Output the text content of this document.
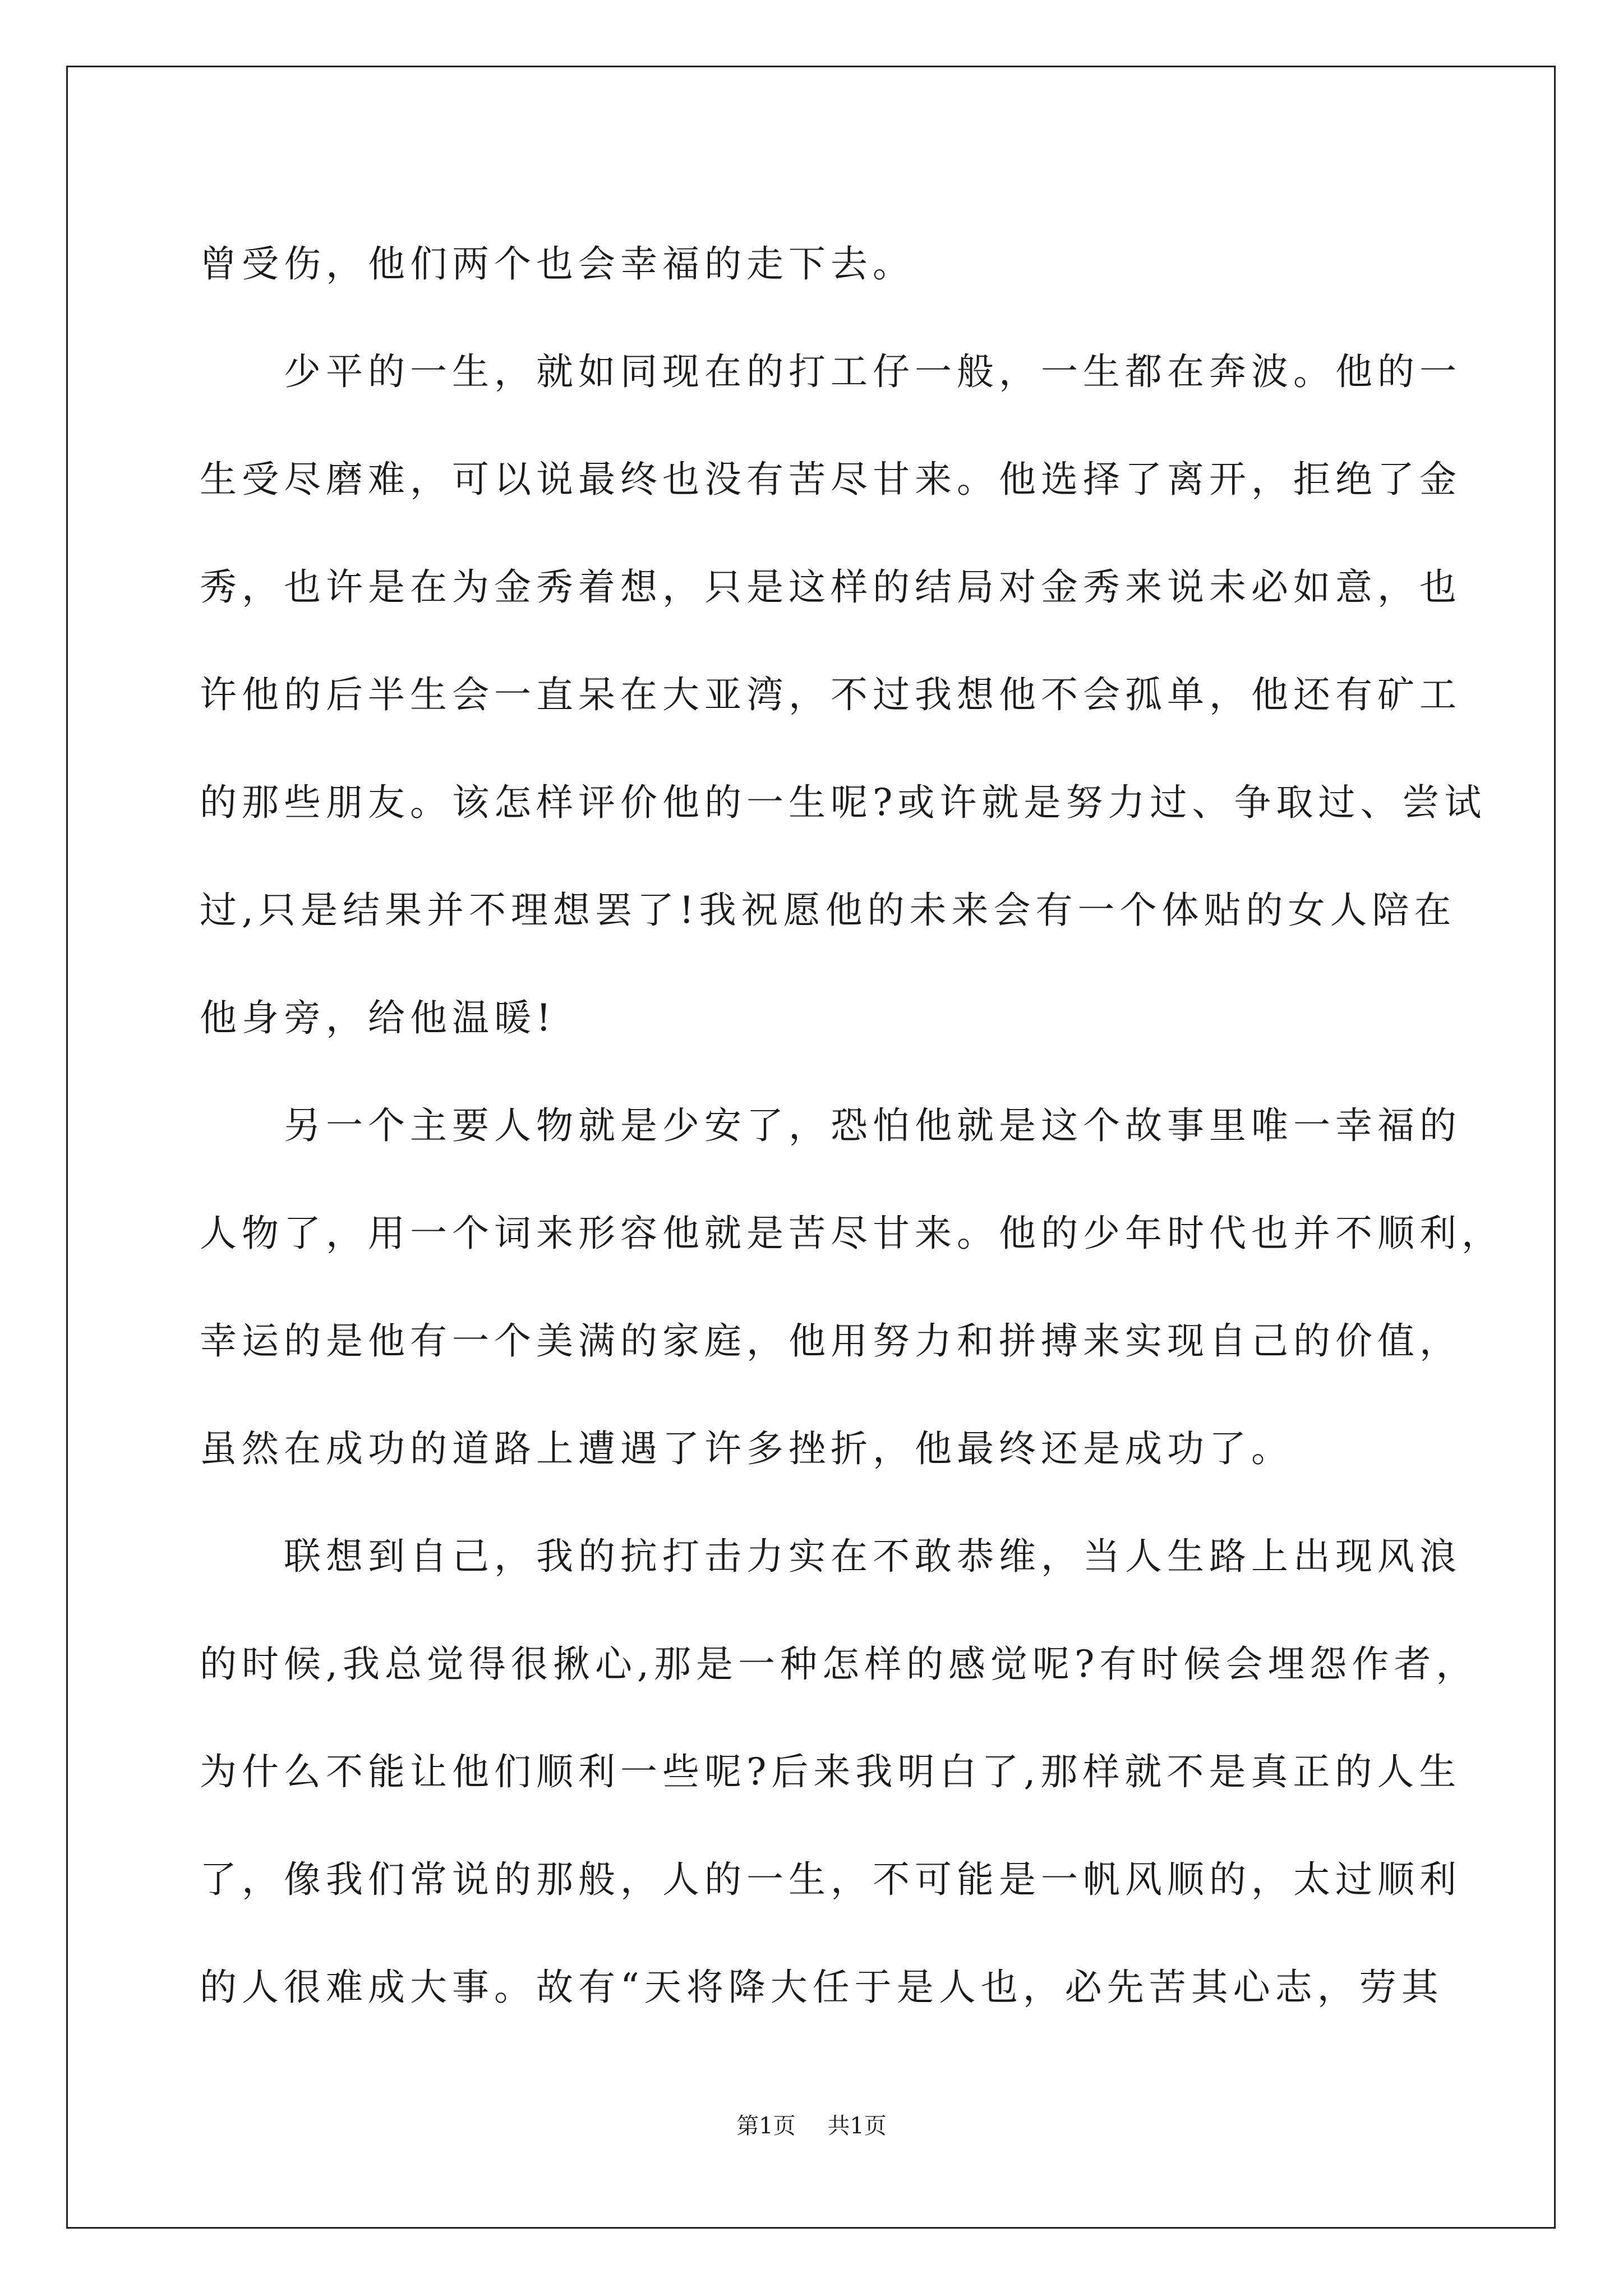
曾受伤，他们两个也会幸福的走下去。
少平的一生，就如同现在的打工仔一般，一生都在奔波。他的一
生受尽磨难，可以说最终也没有苦尽甘来。他选择了离开，拒绝了金
秀，也许是在为金秀着想，只是这样的结局对金秀来说未必如意，也
许他的后半生会一直呆在大亚湾，不过我想他不会孤单，他还有矿工
的那些朋友。该怎样评价他的一生呢?或许就是努力过、争取过、尝试
过,只是结果并不理想罢了!我祝愿他的未来会有一个体贴的女人陪在
他身旁，给他温暖!
另一个主要人物就是少安了，恐怕他就是这个故事里唯一幸福的
人物了，用一个词来形容他就是苦尽甘来。他的少年时代也并不顺利，
幸运的是他有一个美满的家庭，他用努力和拼搏来实现自己的价值，
虽然在成功的道路上遭遇了许多挫折，他最终还是成功了。
联想到自己，我的抗打击力实在不敢恭维，当人生路上出现风浪
的时候,我总觉得很揪心,那是一种怎样的感觉呢?有时候会埋怨作者，
为什么不能让他们顺利一些呢?后来我明白了,那样就不是真正的人生
了，像我们常说的那般，人的一生，不可能是一帆风顺的，太过顺利
的人很难成大事。故有“天将降大任于是人也，必先苦其心志，劳其
第1页 共1页
